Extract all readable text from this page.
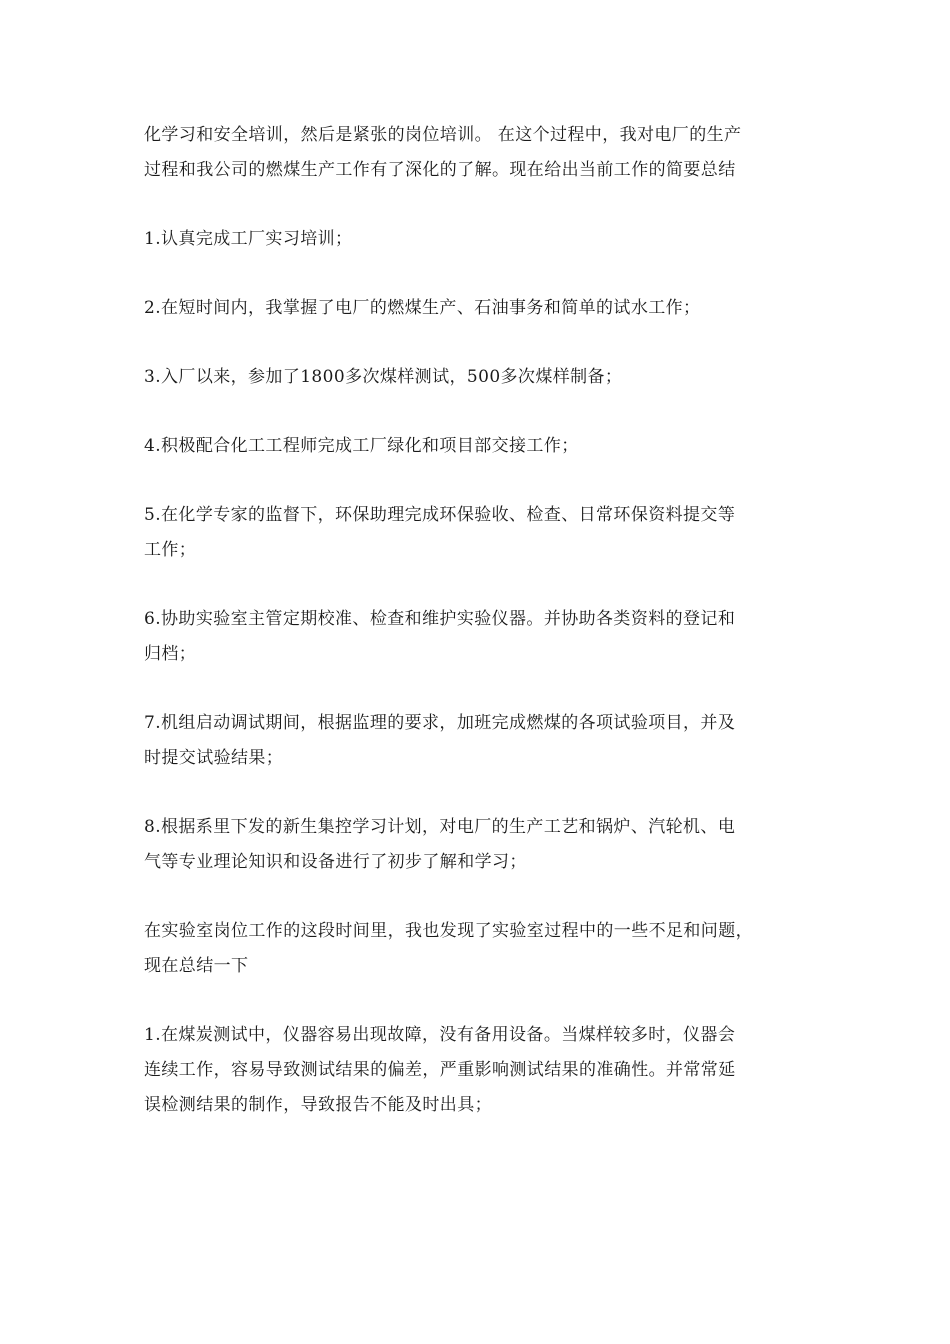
化学习和安全培训，然后是紧张的岗位培训。 在这个过程中，我对电厂的生产
过程和我公司的燃煤生产工作有了深化的了解。现在给出当前工作的简要总结

1.认真完成工厂实习培训；

2.在短时间内，我掌握了电厂的燃煤生产、石油事务和简单的试水工作；

3.入厂以来，参加了1800多次煤样测试，500多次煤样制备；

4.积极配合化工工程师完成工厂绿化和项目部交接工作；

5.在化学专家的监督下，环保助理完成环保验收、检查、日常环保资料提交等
工作；

6.协助实验室主管定期校准、检查和维护实验仪器。并协助各类资料的登记和
归档；

7.机组启动调试期间，根据监理的要求，加班完成燃煤的各项试验项目，并及
时提交试验结果；

8.根据系里下发的新生集控学习计划，对电厂的生产工艺和锅炉、汽轮机、电
气等专业理论知识和设备进行了初步了解和学习；

在实验室岗位工作的这段时间里，我也发现了实验室过程中的一些不足和问题，
现在总结一下

1.在煤炭测试中，仪器容易出现故障，没有备用设备。当煤样较多时，仪器会
连续工作，容易导致测试结果的偏差，严重影响测试结果的准确性。并常常延
误检测结果的制作，导致报告不能及时出具；
